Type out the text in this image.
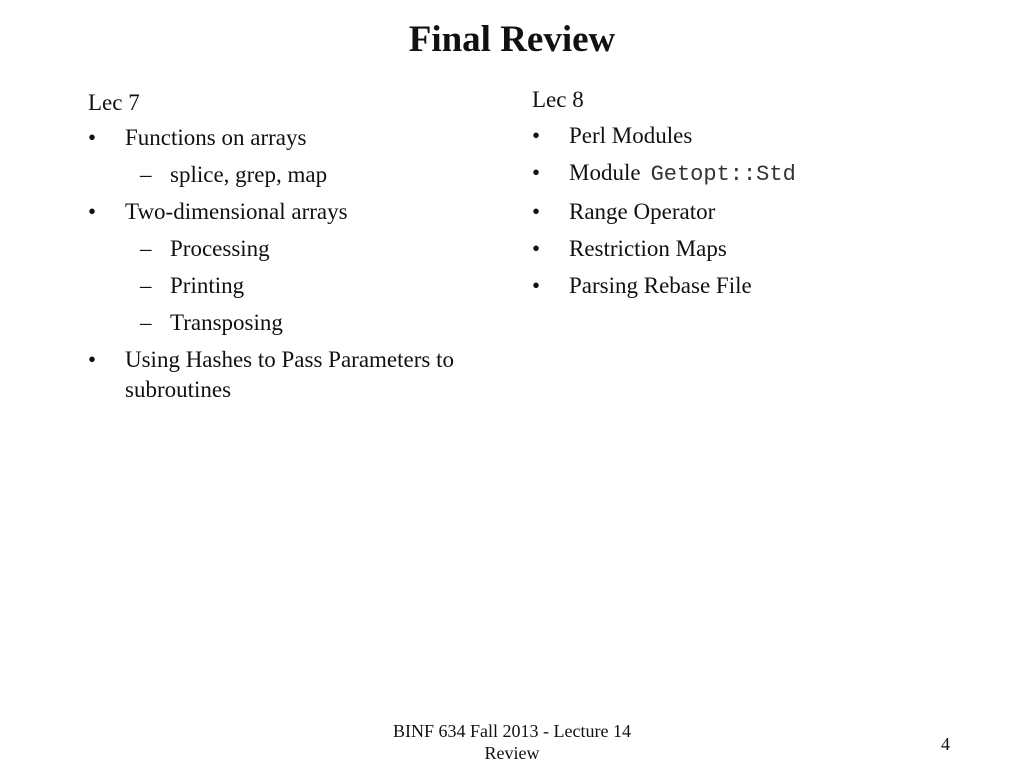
Final Review
Lec 7
•	Functions on arrays
– splice, grep, map
•	Two-dimensional arrays
– Processing
– Printing
– Transposing
•	Using Hashes to Pass Parameters to subroutines
Lec 8
•	Perl Modules
•	Module Getopt::Std
•	Range Operator
•	Restriction Maps
•	Parsing Rebase File
BINF 634 Fall 2013 - Lecture 14
Review	4
